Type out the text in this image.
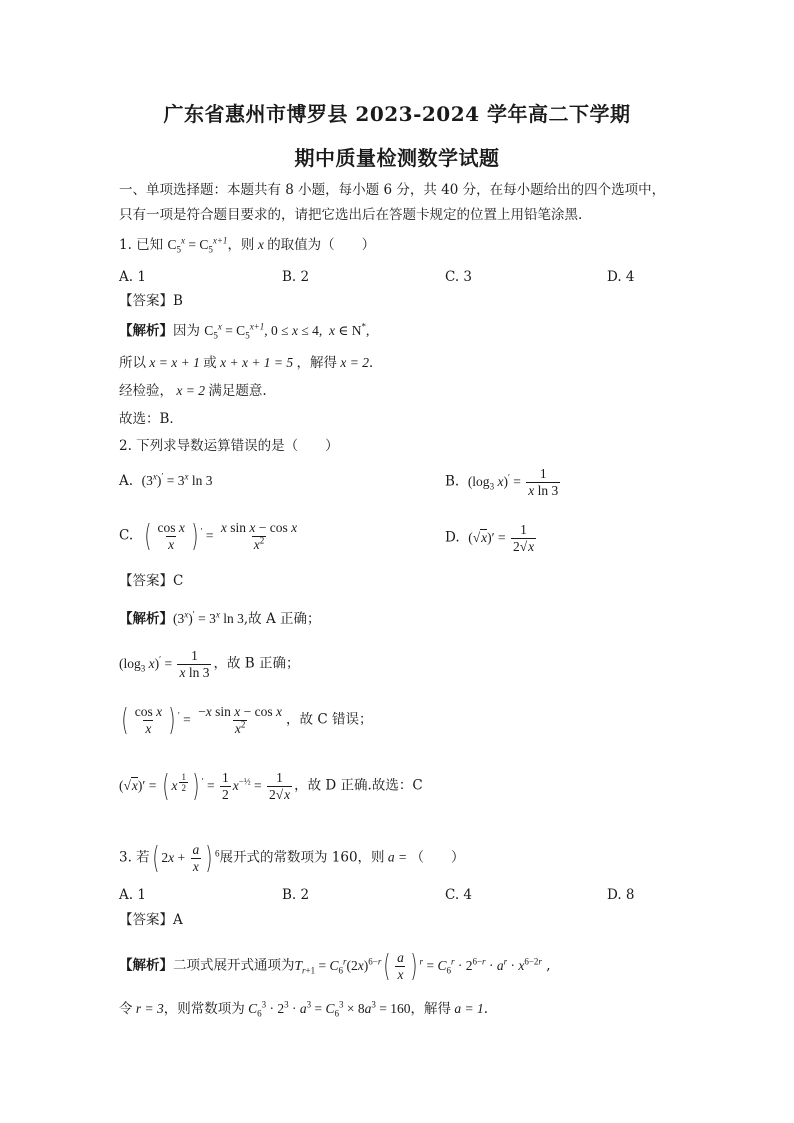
广东省惠州市博罗县 2023-2024 学年高二下学期
期中质量检测数学试题
一、单项选择题：本题共有 8 小题，每小题 6 分，共 40 分，在每小题给出的四个选项中，
只有一项是符合题目要求的，请把它选出后在答题卡规定的位置上用铅笔涂黑.
1. 已知 $C_5^x = C_5^{x+1}$，则 x 的取值为（　　）
A. 1	B. 2	C. 3	D. 4
【答案】B
【解析】因为 $C_5^x = C_5^{x+1}$, 0 ≤ x ≤ 4,  x ∈ N*,
所以 x = x + 1 或 x + x + 1 = 5 ，解得 x = 2．
经检验， x = 2 满足题意.
故选：B．
2. 下列求导数运算错误的是（　　）
A. $(3^x)' = 3^x$ ln 3	B. ($\log_3$ $x)' = \frac{1}{\text{x ln 3}}$
C. ( $\frac{\text{cos x}}{x}$ ) $' = \frac{\text{x sin x − cos x}}{x^2}$	D. $(√x)' = \frac{1}{2√x}$
【答案】C
【解析】$(3^x)' = 3^x$ ln 3,故 A 正确；
($\log_3$ $x)' = \frac{1}{\text{x ln 3}}$ ，故 B 正确；
( $\frac{\text{cos x}}{x}$ ) $' = \frac{\text{−x sin x − cos x}}{x^2}$ ，故 C 错误；
(√x)′ = ( x $^{\frac{1}{2}}$ ) $' = \frac{1}{2} x^{-\frac{1}{2}} = \frac{1}{2√x}$ ，故 D 正确.故选：C
3. 若( $2x + \frac{a}{x}$ ) $^6$展开式的常数项为 160，则 a = （　　）
A. 1	B. 2	C. 4	D. 8
【答案】A
【解析】二项式展开式通项为$T_{r+1} = C_6^r(2x)^{6-r}( \frac{a}{x}$ ) $^r = C_6^r \cdot 2^{6-r} \cdot a^r \cdot x^{6-2r}$ ,
令 r = 3，则常数项为 $C_6^3 \cdot 2^3 \cdot a^3 = C_6^3 \times 8a^3 = 160$，解得 a = 1.
